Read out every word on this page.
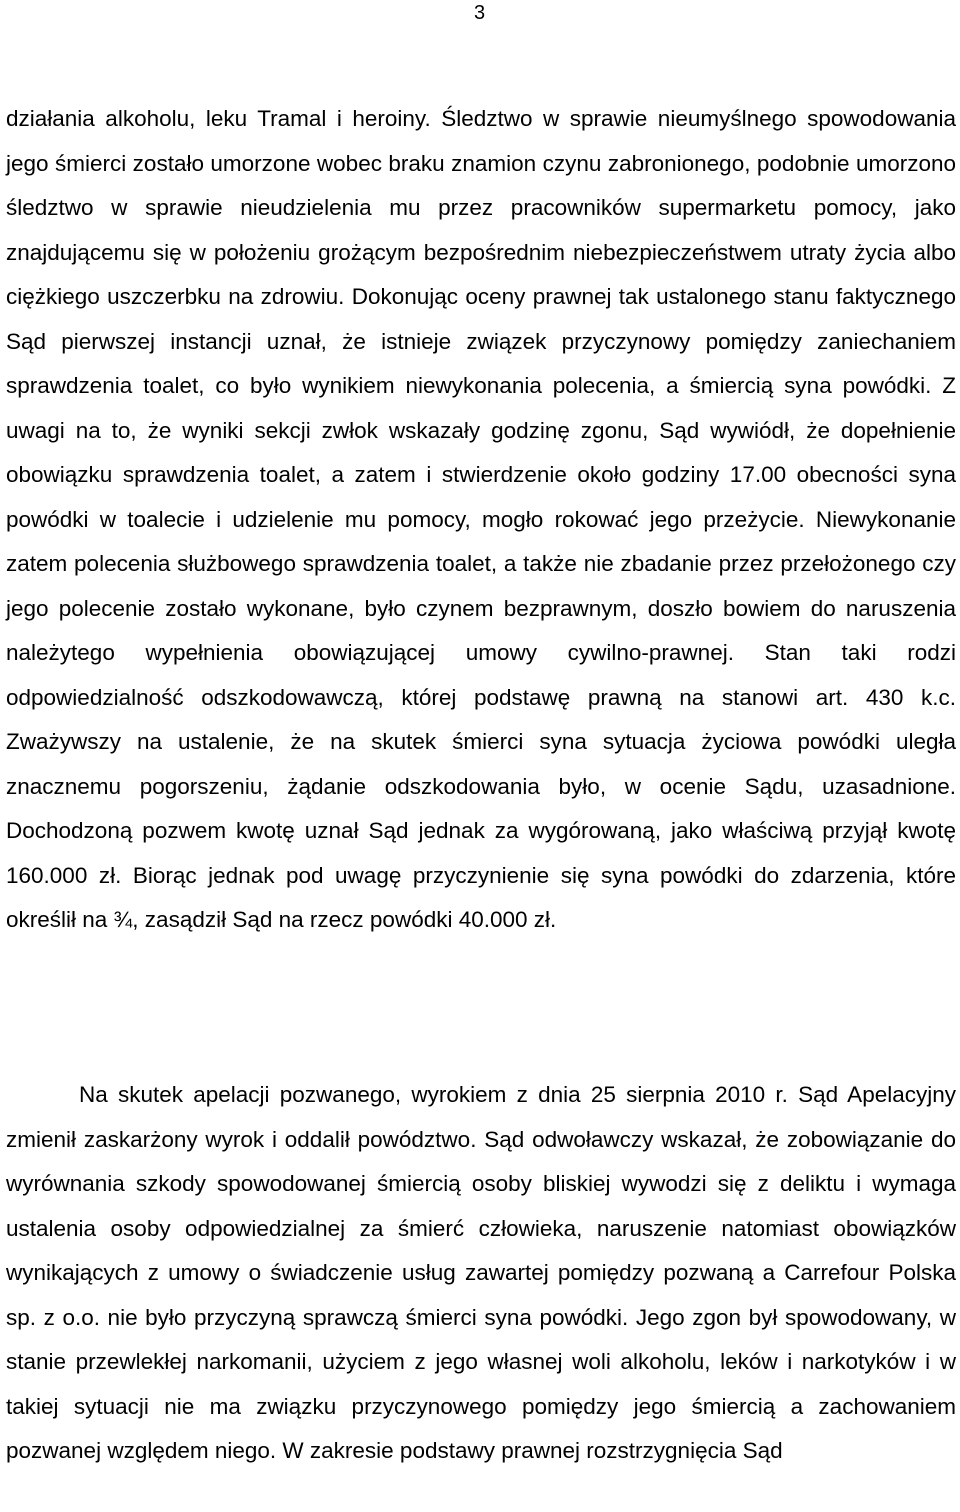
3

działania alkoholu, leku Tramal i heroiny. Śledztwo w sprawie nieumyślnego spowodowania jego śmierci zostało umorzone wobec braku znamion czynu zabronionego, podobnie umorzono śledztwo w sprawie nieudzielenia mu przez pracowników supermarketu pomocy, jako znajdującemu się w położeniu grożącym bezpośrednim niebezpieczeństwem utraty życia albo ciężkiego uszczerbku na zdrowiu. Dokonując oceny prawnej tak ustalonego stanu faktycznego Sąd pierwszej instancji uznał, że istnieje związek przyczynowy pomiędzy zaniechaniem sprawdzenia toalet, co było wynikiem niewykonania polecenia, a śmiercią syna powódki. Z uwagi na to, że wyniki sekcji zwłok wskazały godzinę zgonu, Sąd wywiódł, że dopełnienie obowiązku sprawdzenia toalet, a zatem i stwierdzenie około godziny 17.00 obecności syna powódki w toalecie i udzielenie mu pomocy, mogło rokować jego przeżycie. Niewykonanie zatem polecenia służbowego sprawdzenia toalet, a także nie zbadanie przez przełożonego czy jego polecenie zostało wykonane, było czynem bezprawnym, doszło bowiem do naruszenia należytego wypełnienia obowiązującej umowy cywilno-prawnej. Stan taki rodzi odpowiedzialność odszkodowawczą, której podstawę prawną na stanowi art. 430 k.c. Zważywszy na ustalenie, że na skutek śmierci syna sytuacja życiowa powódki uległa znacznemu pogorszeniu, żądanie odszkodowania było, w ocenie Sądu, uzasadnione. Dochodzoną pozwem kwotę uznał Sąd jednak za wygórowaną, jako właściwą przyjął kwotę 160.000 zł. Biorąc jednak pod uwagę przyczynienie się syna powódki do zdarzenia, które określił na ¾, zasądził Sąd na rzecz powódki 40.000 zł.

Na skutek apelacji pozwanego, wyrokiem z dnia 25 sierpnia 2010 r. Sąd Apelacyjny zmienił zaskarżony wyrok i oddalił powództwo. Sąd odwoławczy wskazał, że zobowiązanie do wyrównania szkody spowodowanej śmiercią osoby bliskiej wywodzi się z deliktu i wymaga ustalenia osoby odpowiedzialnej za śmierć człowieka, naruszenie natomiast obowiązków wynikających z umowy o świadczenie usług zawartej pomiędzy pozwaną a Carrefour Polska sp. z o.o. nie było przyczyną sprawczą śmierci syna powódki. Jego zgon był spowodowany, w stanie przewlekłej narkomanii, użyciem z jego własnej woli alkoholu, leków i narkotyków i w takiej sytuacji nie ma związku przyczynowego pomiędzy jego śmiercią a zachowaniem pozwanej względem niego. W zakresie podstawy prawnej rozstrzygnięcia Sąd
